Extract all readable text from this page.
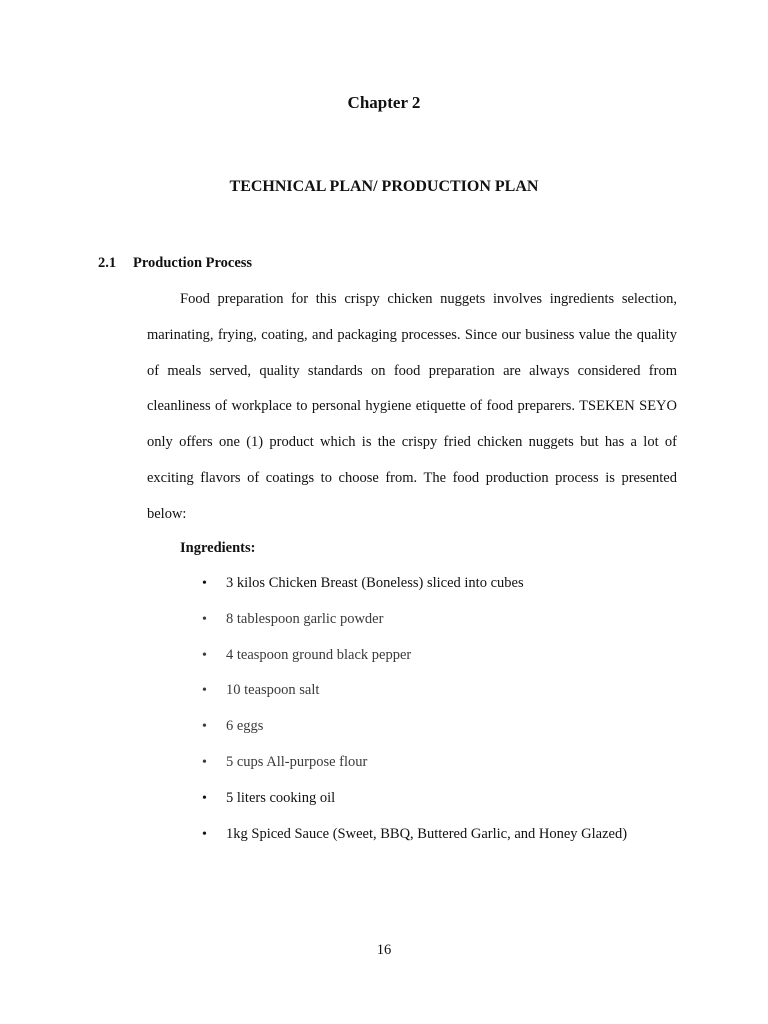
Chapter 2
TECHNICAL PLAN/ PRODUCTION PLAN
2.1 Production Process

Food preparation for this crispy chicken nuggets involves ingredients selection, marinating, frying, coating, and packaging processes. Since our business value the quality of meals served, quality standards on food preparation are always considered from cleanliness of workplace to personal hygiene etiquette of food preparers. TSEKEN SEYO only offers one (1) product which is the crispy fried chicken nuggets but has a lot of exciting flavors of coatings to choose from. The food production process is presented below:

Ingredients:
• 3 kilos Chicken Breast (Boneless) sliced into cubes
• 8 tablespoon garlic powder
• 4 teaspoon ground black pepper
• 10 teaspoon salt
• 6 eggs
• 5 cups All-purpose flour
• 5 liters cooking oil
• 1kg Spiced Sauce (Sweet, BBQ, Buttered Garlic, and Honey Glazed)
16
